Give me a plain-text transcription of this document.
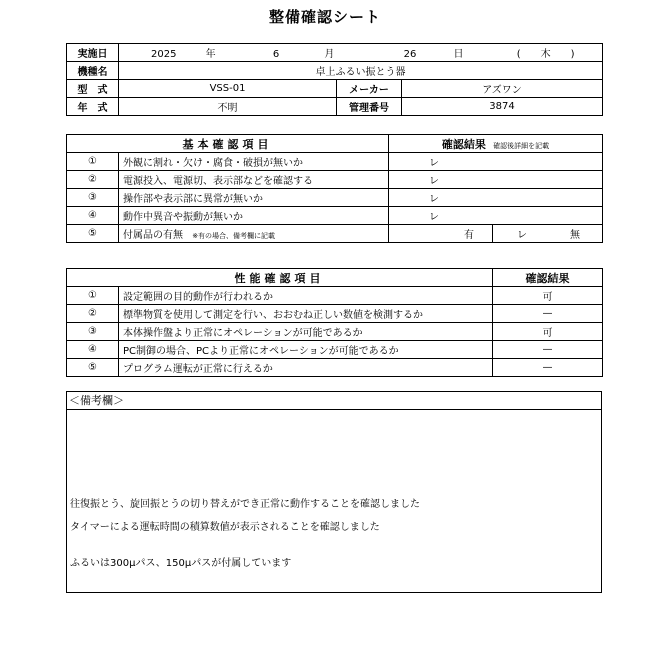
整備確認シート
実施日	2025 年 6 月 26 日 (　　木　　)		
機種名	卓上ふるい振とう器		
型　式	VSS-01	メーカー	アズワン
年　式	不明	管理番号	3874
基本確認項目		確認結果 確認後詳細を記載	
①	外観に割れ・欠け・腐食・破損が無いか	レ	
②	電源投入、電源切、表示部などを確認する	レ	
③	操作部や表示部に異常が無いか	レ	
④	動作中異音や振動が無いか	レ	
⑤	付属品の有無 ※有の場合、備考欄に記載	有	レ 無
性能確認項目		確認結果
①	設定範囲の目的動作が行われるか	可
②	標準物質を使用して測定を行い、おおむね正しい数値を検測するか	—
③	本体操作盤より正常にオペレーションが可能であるか	可
④	PC制御の場合、PCより正常にオペレーションが可能であるか	—
⑤	プログラム運転が正常に行えるか	—
＜備考欄＞
往復振とう、旋回振とうの切り替えができ正常に動作することを確認しました
タイマーによる運転時間の積算数値が表示されることを確認しました
ふるいは300μパス、150μパスが付属しています
